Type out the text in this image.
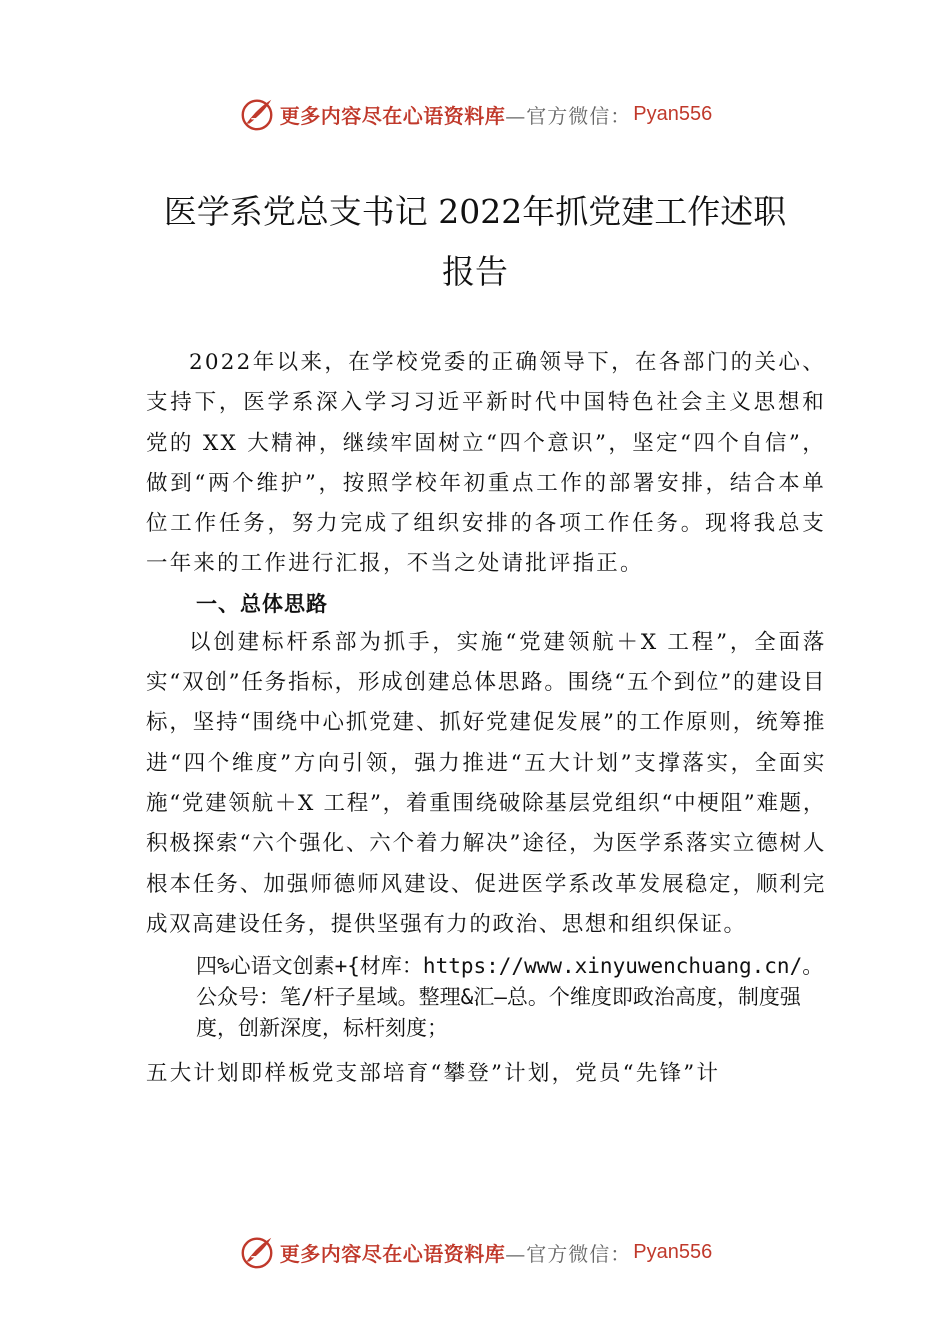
更多内容尽在心语资料库 —官方微信： Pyan556
医学系党总支书记 2022年抓党建工作述职
报告

2022年以来，在学校党委的正确领导下，在各部门的关心、支持下，医学系深入学习习近平新时代中国特色社会主义思想和党的 XX 大精神，继续牢固树立“四个意识”，坚定“四个自信”，做到“两个维护”，按照学校年初重点工作的部署安排，结合本单位工作任务，努力完成了组织安排的各项工作任务。现将我总支一年来的工作进行汇报，不当之处请批评指正。

一、总体思路

以创建标杆系部为抓手，实施“党建领航＋X 工程”，全面落实“双创”任务指标，形成创建总体思路。围绕“五个到位”的建设目标，坚持“围绕中心抓党建、抓好党建促发展”的工作原则，统筹推进“四个维度”方向引领，强力推进“五大计划”支撑落实，全面实施“党建领航＋X 工程”，着重围绕破除基层党组织“中梗阻”难题，积极探索“六个强化、六个着力解决”途径，为医学系落实立德树人根本任务、加强师德师风建设、促进医学系改革发展稳定，顺利完成双高建设任务，提供坚强有力的政治、思想和组织保证。

四%心语文创素+{材库：https://www.xinyuwenchuang.cn/。公众号：笔/杆子星域。整理&汇—总。个维度即政治高度，制度强度，创新深度，标杆刻度；

五大计划即样板党支部培育“攀登”计划，党员“先锋”计

更多内容尽在心语资料库 —官方微信： Pyan556
